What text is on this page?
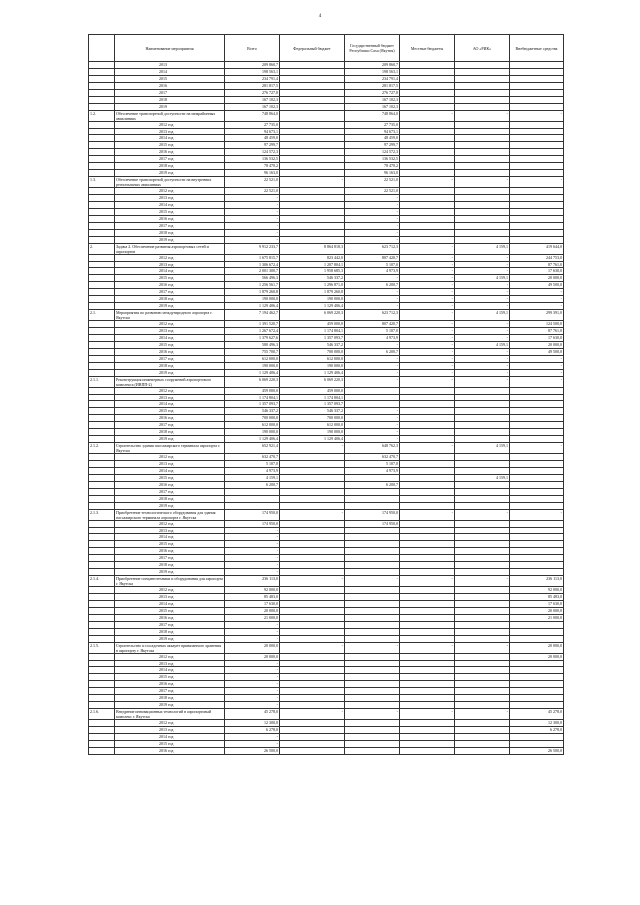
4
	Наименование мероприятия	Всего	Федеральный бюджет	Государственный бюджет Республики Саха (Якутия)	Местные бюджеты	АО «РИК»	Внебюджетные средства
	2013	209 860,7		209 860,7			
	2014	198 563,1		198 563,1			
	2015	234 791,4		234 791,4			
	2016	281 817,5		281 817,5			
	2017	276 727,8		276 727,8			
	2018	167 102,3		167 102,3			
	2019	167 102,3		167 102,3			
1.2.	Обеспечение транспортной доступности на межрайонных авиалиниях	748 864,0		748 864,0	-	-	-
	2012 год	27 735,0		27 735,0			
	2013 год	94 673,1		94 673,1			
	2014 год	48 459,0		48 459,0			
	2015 год	97 299,7		97 299,7			
	2016 год	124 572,3		124 572,3			
	2017 год	136 532,5		136 532,5			
	2018 год	78 470,2		78 470,2			
	2019 год	96 163,0		96 163,0			
1.3.	Обеспечение транспортной доступности на внутренних региональных авиалиниях	22 521,0	-	22 521,0	-	-	-
	2012 год	22 521,0		22 521,0			
	2013 год	-		-			
	2014 год	-		-			
	2015 год	-		-			
	2016 год	-		-			
	2017 год	-		-			
	2018 год	-		-			
	2019 год	-		-			
2.	Задача 2. Обеспечение развития аэропортовых сетей и аэропортов	9 912 233,7	8 864 818,3	623 712,3	-	4 159,1	419 644,0
	2012 год	1 675 815,7	823 442,0	807 420,7	-	-	244 753,0
	2013 год	1 306 672,4	1 207 804,1	5 107,0	-	-	87 761,0
	2014 год	2 001 300,7	1 958 685,3	4 973,9	-	-	17 630,0
	2015 год	566 496,3	546 337,2	-	-	4 159,1	20 000,0
	2016 год	1 256 561,7	1 296 871,0	6 200,7	-	-	49 500,0
	2017 год	1 879 260,8	1 879 260,8	-	-	-	-
	2018 год	190 000,0	190 000,0	-	-	-	-
	2019 год	1 129 406,4	1 129 406,4	-	-	-	-
2.1.	Мероприятия по развитию международного аэропорта г. Якутска	7 194 462,7	6 069 220,3	623 712,3	-	4 159,1	299 391,0
	2012 год	1 391 520,7	459 000,0	807 420,7	-	-	124 500,0
	2013 год	1 267 672,4	1 174 804,1	5 107,0	-	-	87 761,0
	2014 год	1 379 627,6	1 357 093,7	4 973,9	-	-	17 630,0
	2015 год	580 496,3	546 337,2	-	-	4 159,1	20 000,0
	2016 год	755 700,7	700 000,0	6 200,7	-	-	49 500,0
	2017 год	612 000,0	612 000,0	-	-	-	-
	2018 год	190 000,0	190 000,0	-	-	-	-
	2019 год	1 129 406,4	1 129 406,4	-	-	-	-
2.1.1.	Реконструкция инженерных сооружений аэропортового комплекса (ИВПП-2)	6 069 220,3	6 069 220,3	-	-	-	-
	2012 год	459 000,0	459 000,0				
	2013 год	1 174 804,1	1 174 804,1				
	2014 год	1 357 093,7	1 357 093,7				
	2015 год	546 337,2	546 337,2	-			
	2016 год	700 000,0	700 000,0	-			
	2017 год	612 000,0	612 000,0	-			
	2018 год	190 000,0	190 000,0	-			
	2019 год	1 129 406,4	1 129 406,4	-			
2.1.2.	Строительство здания пассажирского терминала аэропорта г. Якутска	652 921,4	-	648 762,3	-	4 159,1	-
	2012 год	632 470,7		632 470,7			
	2013 год	5 107,0		5 107,0			
	2014 год	4 973,9		4 973,9			
	2015 год	4 159,1				4 159,1	
	2016 год	6 200,7		6 200,7			
	2017 год						
	2018 год						
	2019 год						
2.1.3.	Приобретение технологического оборудования для здания пассажирского терминала аэропорта г. Якутска	174 950,0	-	174 950,0	-	-	-
	2012 год	174 950,0		174 950,0			
	2013 год	-					
	2014 год	-					
	2015 год	-					
	2016 год	-					
	2017 год	-					
	2018 год	-					
	2019 год	-					
2.1.4.	Приобретение спецавтотехники и оборудования для аэропорта г. Якутска	236 113,0	-	-	-	-	236 113,0
	2012 год	92 000,0					92 000,0
	2013 год	85 483,0					85 483,0
	2014 год	17 630,0					17 630,0
	2015 год	20 000,0					20 000,0
	2016 год	21 000,0					21 000,0
	2017 год	-					
	2018 год	-					
	2019 год	-					
2.1.5.	Строительство и посадочных аккаунт привязанного хранения в аэропорту г. Якутска	20 000,0	-	-	-	-	20 000,0
	2012 год	20 000,0					20 000,0
	2013 год	-					
	2014 год	-					
	2015 год	-					
	2016 год	-					
	2017 год	-					
	2018 год	-					
	2019 год	-					
2.1.6.	Внедрение инновационных технологий в аэропортовый комплекс г. Якутска	45 278,0	-	-	-	-	45 278,0
	2012 год	12 300,0					12 300,0
	2013 год	6 278,0					6 278,0
	2014 год	-					
	2015 год	-					
	2016 год	26 500,0					26 500,0
